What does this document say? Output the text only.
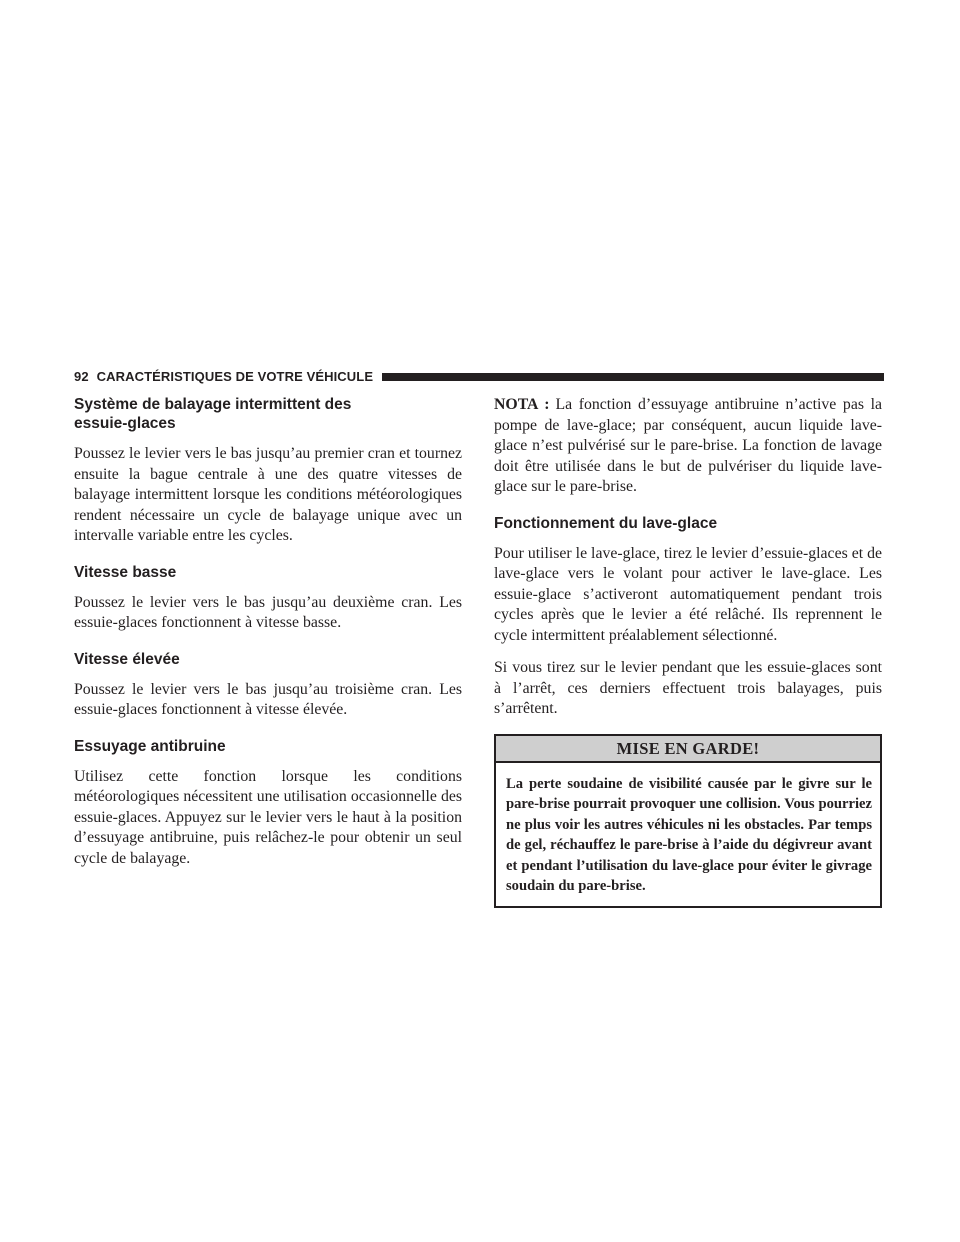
92 CARACTÉRISTIQUES DE VOTRE VÉHICULE
Système de balayage intermittent des essuie-glaces

Poussez le levier vers le bas jusqu’au premier cran et tournez ensuite la bague centrale à une des quatre vitesses de balayage intermittent lorsque les conditions météorologiques rendent nécessaire un cycle de balayage unique avec un intervalle variable entre les cycles.

Vitesse basse

Poussez le levier vers le bas jusqu’au deuxième cran. Les essuie-glaces fonctionnent à vitesse basse.

Vitesse élevée

Poussez le levier vers le bas jusqu’au troisième cran. Les essuie-glaces fonctionnent à vitesse élevée.

Essuyage antibruine

Utilisez cette fonction lorsque les conditions météorologiques nécessitent une utilisation occasionnelle des essuie-glaces. Appuyez sur le levier vers le haut à la position d’essuyage antibruine, puis relâchez-le pour obtenir un seul cycle de balayage.

NOTA : La fonction d’essuyage antibruine n’active pas la pompe de lave-glace; par conséquent, aucun liquide lave-glace n’est pulvérisé sur le pare-brise. La fonction de lavage doit être utilisée dans le but de pulvériser du liquide lave-glace sur le pare-brise.

Fonctionnement du lave-glace

Pour utiliser le lave-glace, tirez le levier d’essuie-glaces et de lave-glace vers le volant pour activer le lave-glace. Les essuie-glace s’activeront automatiquement pendant trois cycles après que le levier a été relâché. Ils reprennent le cycle intermittent préalablement sélectionné.

Si vous tirez sur le levier pendant que les essuie-glaces sont à l’arrêt, ces derniers effectuent trois balayages, puis s’arrêtent.

MISE EN GARDE!
La perte soudaine de visibilité causée par le givre sur le pare-brise pourrait provoquer une collision. Vous pourriez ne plus voir les autres véhicules ni les obstacles. Par temps de gel, réchauffez le pare-brise à l’aide du dégivreur avant et pendant l’utilisation du lave-glace pour éviter le givrage soudain du pare-brise.
